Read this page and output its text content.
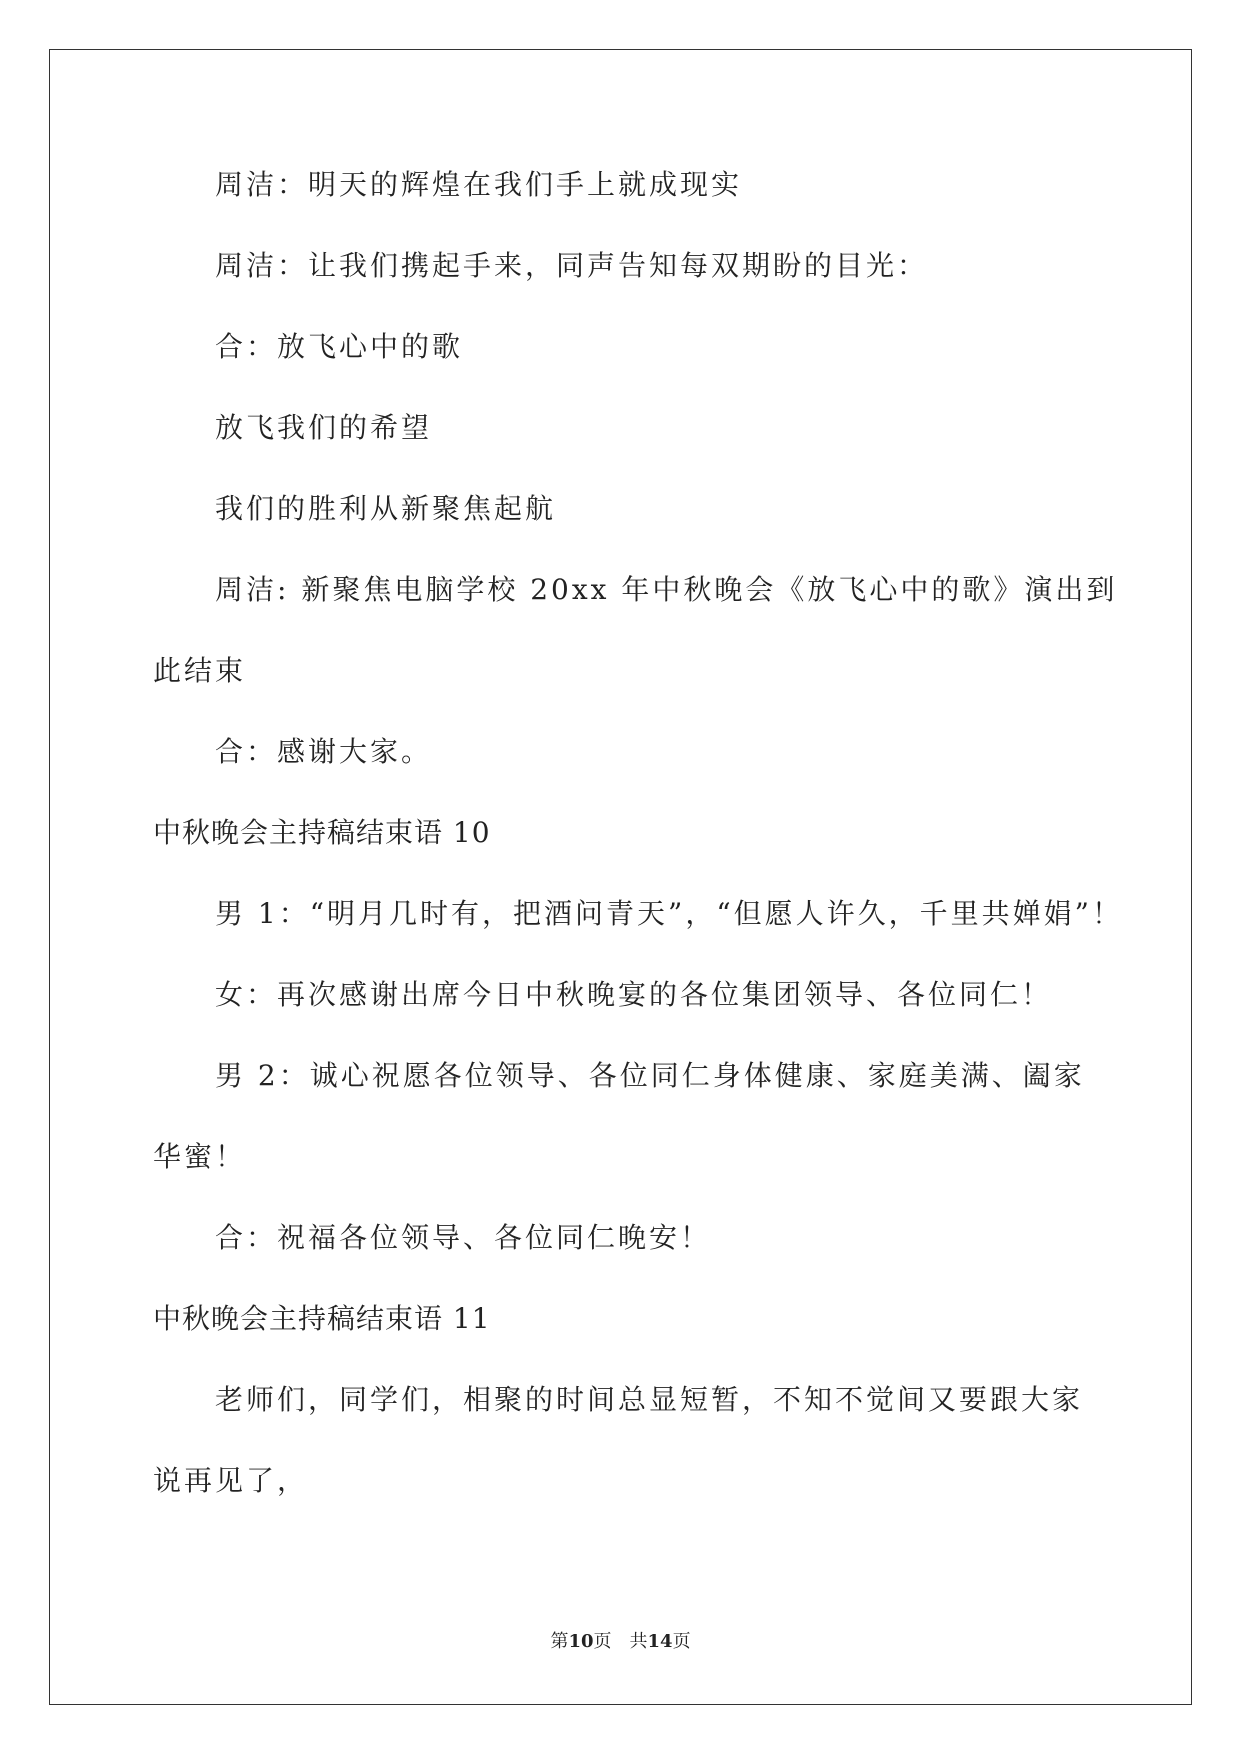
周洁：明天的辉煌在我们手上就成现实

周洁：让我们携起手来，同声告知每双期盼的目光：

合：放飞心中的歌

放飞我们的希望

我们的胜利从新聚焦起航

周洁: 新聚焦电脑学校 20xx 年中秋晚会《放飞心中的歌》演出到

此结束

合：感谢大家。

中秋晚会主持稿结束语 10

男 1：“明月几时有，把酒问青天”，“但愿人许久，千里共婵娟”！

女：再次感谢出席今日中秋晚宴的各位集团领导、各位同仁！

男 2：诚心祝愿各位领导、各位同仁身体健康、家庭美满、阖家

华蜜！

合：祝福各位领导、各位同仁晚安！

中秋晚会主持稿结束语 11

老师们，同学们，相聚的时间总显短暂，不知不觉间又要跟大家

说再见了，

第10页 共14页
